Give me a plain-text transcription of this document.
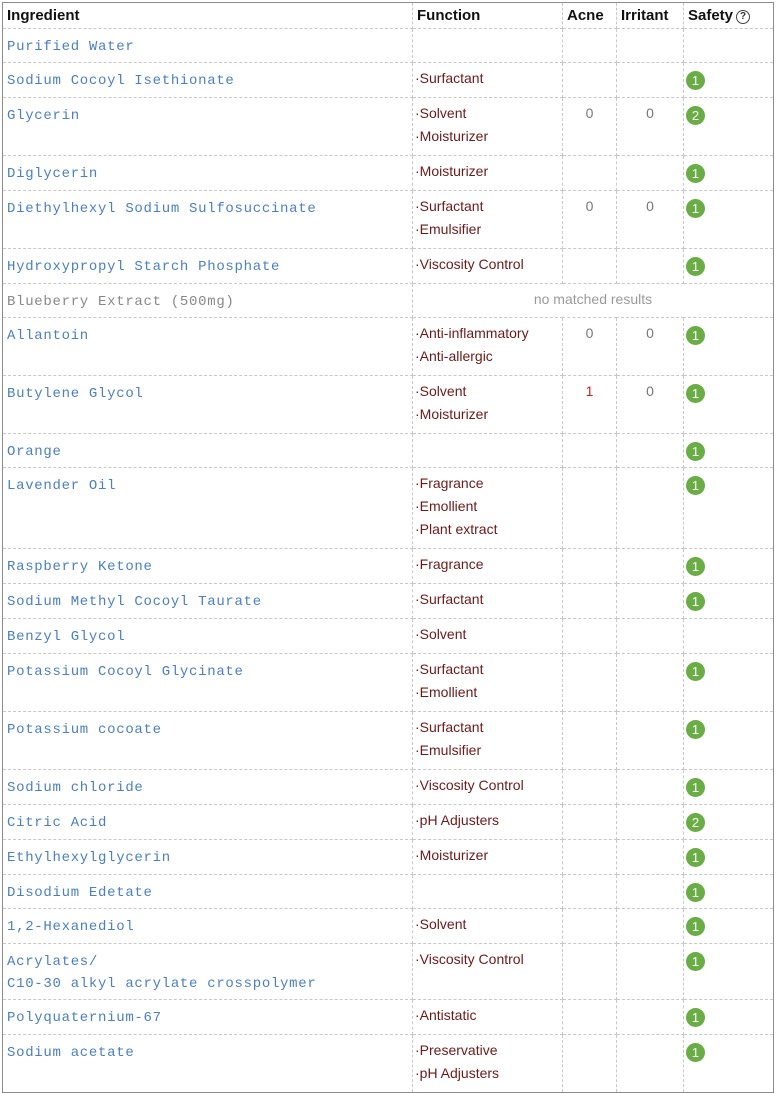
Ingredient	Function	Acne	Irritant	Safety ?

Purified Water				

Sodium Cocoyl Isethionate	·Surfactant			1

Glycerin	·Solvent
·Moisturizer	0	0	2

Diglycerin	·Moisturizer			1

Diethylhexyl Sodium Sulfosuccinate	·Surfactant
·Emulsifier	0	0	1

Hydroxypropyl Starch Phosphate	·Viscosity Control			1

Blueberry Extract (500mg)	no matched results			

Allantoin	·Anti-inflammatory
·Anti-allergic	0	0	1

Butylene Glycol	·Solvent
·Moisturizer	1	0	1

Orange				1

Lavender Oil	·Fragrance
·Emollient
·Plant extract			1

Raspberry Ketone	·Fragrance			1

Sodium Methyl Cocoyl Taurate	·Surfactant			1

Benzyl Glycol	·Solvent			

Potassium Cocoyl Glycinate	·Surfactant
·Emollient			1

Potassium cocoate	·Surfactant
·Emulsifier			1

Sodium chloride	·Viscosity Control			1

Citric Acid	·pH Adjusters			2

Ethylhexylglycerin	·Moisturizer			1

Disodium Edetate				1

1,2-Hexanediol	·Solvent			1

Acrylates/
C10-30 alkyl acrylate crosspolymer	·Viscosity Control			1

Polyquaternium-67	·Antistatic			1

Sodium acetate	·Preservative
·pH Adjusters			1
